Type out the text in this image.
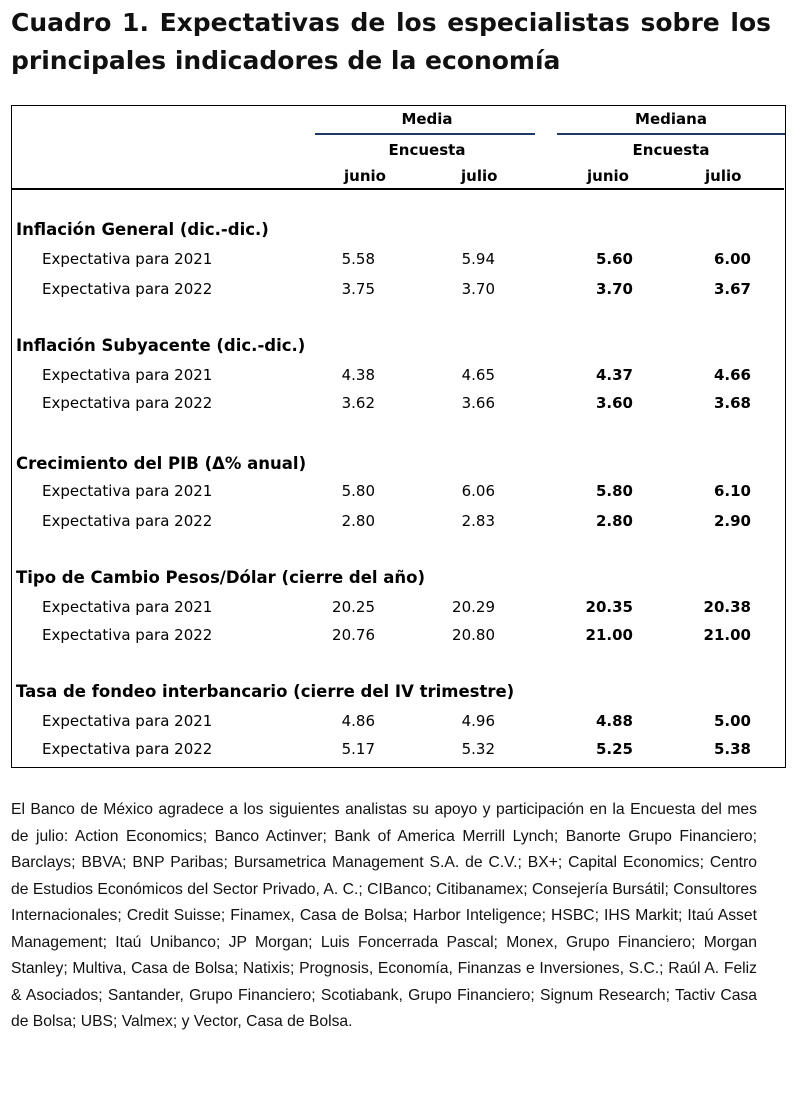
Cuadro 1. Expectativas de los especialistas sobre los principales indicadores de la economía
Media	Mediana
Encuesta	Encuesta
junio	julio	junio	julio
Inflación General (dic.-dic.)
Expectativa para 2021	5.58	5.94	5.60	6.00
Expectativa para 2022	3.75	3.70	3.70	3.67
Inflación Subyacente (dic.-dic.)
Expectativa para 2021	4.38	4.65	4.37	4.66
Expectativa para 2022	3.62	3.66	3.60	3.68
Crecimiento del PIB (Δ% anual)
Expectativa para 2021	5.80	6.06	5.80	6.10
Expectativa para 2022	2.80	2.83	2.80	2.90
Tipo de Cambio Pesos/Dólar (cierre del año)
Expectativa para 2021	20.25	20.29	20.35	20.38
Expectativa para 2022	20.76	20.80	21.00	21.00
Tasa de fondeo interbancario (cierre del IV trimestre)
Expectativa para 2021	4.86	4.96	4.88	5.00
Expectativa para 2022	5.17	5.32	5.25	5.38
El Banco de México agradece a los siguientes analistas su apoyo y participación en la Encuesta del mes de julio: Action Economics; Banco Actinver; Bank of America Merrill Lynch; Banorte Grupo Financiero; Barclays; BBVA; BNP Paribas; Bursametrica Management S.A. de C.V.; BX+; Capital Economics; Centro de Estudios Económicos del Sector Privado, A. C.; CIBanco; Citibanamex; Consejería Bursátil; Consultores Internacionales; Credit Suisse; Finamex, Casa de Bolsa; Harbor Inteligence; HSBC; IHS Markit; Itaú Asset Management; Itaú Unibanco; JP Morgan; Luis Foncerrada Pascal; Monex, Grupo Financiero; Morgan Stanley; Multiva, Casa de Bolsa; Natixis; Prognosis, Economía, Finanzas e Inversiones, S.C.; Raúl A. Feliz & Asociados; Santander, Grupo Financiero; Scotiabank, Grupo Financiero; Signum Research; Tactiv Casa de Bolsa; UBS; Valmex; y Vector, Casa de Bolsa.
